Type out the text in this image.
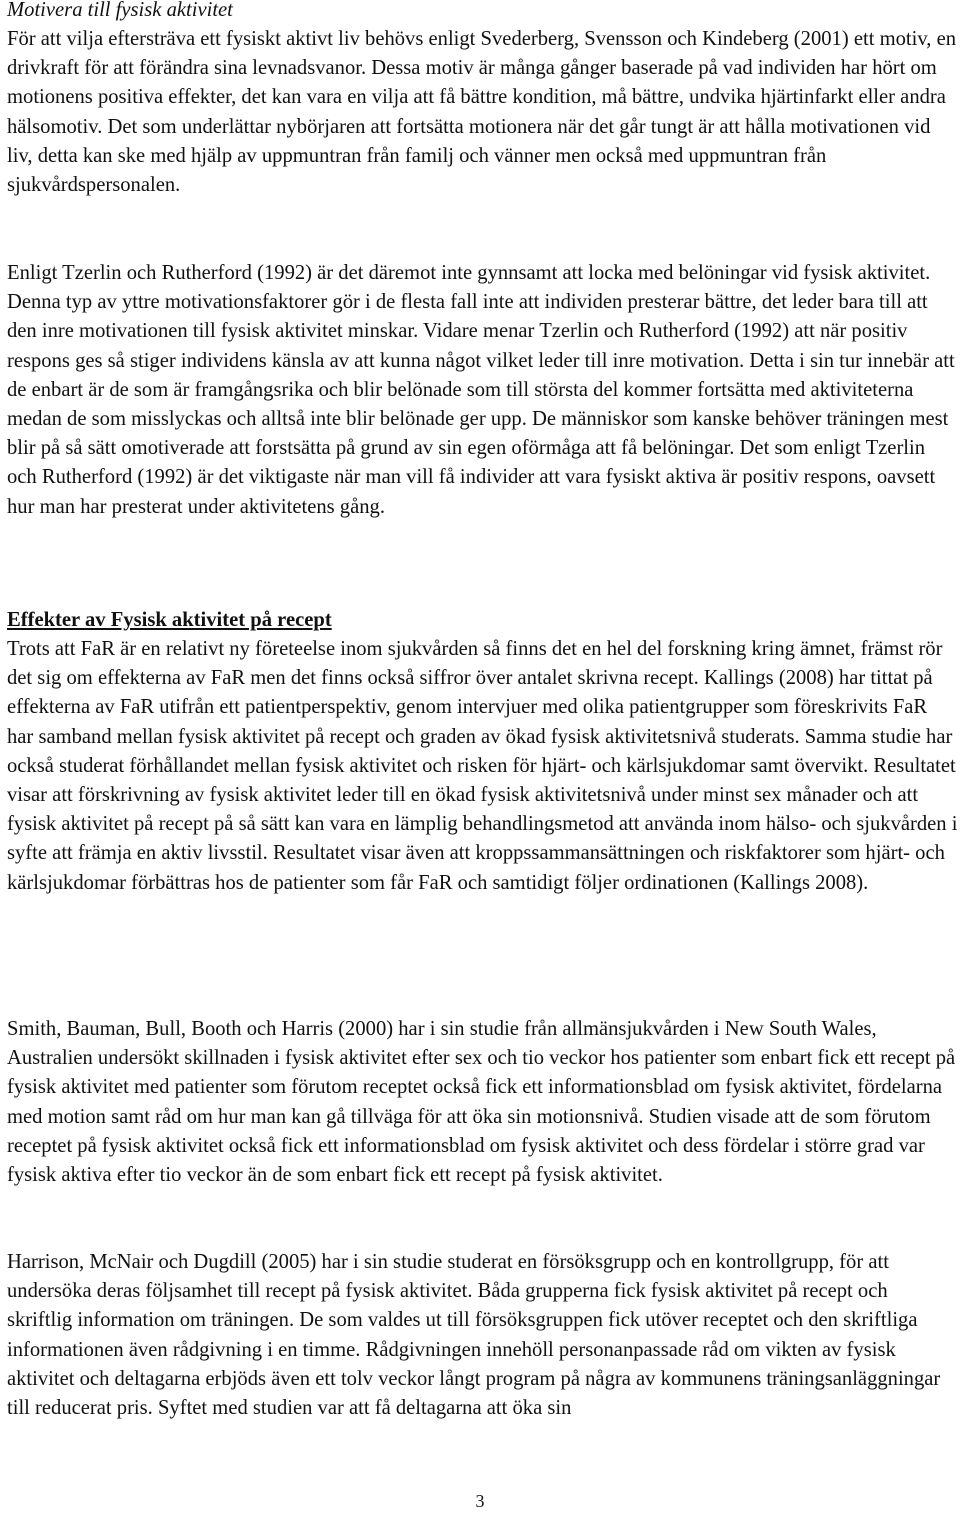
Motivera till fysisk aktivitet

För att vilja eftersträva ett fysiskt aktivt liv behövs enligt Svederberg, Svensson och Kindeberg (2001) ett motiv, en drivkraft för att förändra sina levnadsvanor. Dessa motiv är många gånger baserade på vad individen har hört om motionens positiva effekter, det kan vara en vilja att få bättre kondition, må bättre, undvika hjärtinfarkt eller andra hälsomotiv. Det som underlättar nybörjaren att fortsätta motionera när det går tungt är att hålla motivationen vid liv, detta kan ske med hjälp av uppmuntran från familj och vänner men också med uppmuntran från sjukvårdspersonalen.

Enligt Tzerlin och Rutherford (1992) är det däremot inte gynnsamt att locka med belöningar vid fysisk aktivitet. Denna typ av yttre motivationsfaktorer gör i de flesta fall inte att individen presterar bättre, det leder bara till att den inre motivationen till fysisk aktivitet minskar. Vidare menar Tzerlin och Rutherford (1992) att när positiv respons ges så stiger individens känsla av att kunna något vilket leder till inre motivation. Detta i sin tur innebär att de enbart är de som är framgångsrika och blir belönade som till största del kommer fortsätta med aktiviteterna medan de som misslyckas och alltså inte blir belönade ger upp. De människor som kanske behöver träningen mest blir på så sätt omotiverade att forstsätta på grund av sin egen oförmåga att få belöningar. Det som enligt Tzerlin och Rutherford (1992) är det viktigaste när man vill få individer att vara fysiskt aktiva är positiv respons, oavsett hur man har presterat under aktivitetens gång.

Effekter av Fysisk aktivitet på recept

Trots att FaR är en relativt ny företeelse inom sjukvården så finns det en hel del forskning kring ämnet, främst rör det sig om effekterna av FaR men det finns också siffror över antalet skrivna recept. Kallings (2008) har tittat på effekterna av FaR utifrån ett patientperspektiv, genom intervjuer med olika patientgrupper som föreskrivits FaR har samband mellan fysisk aktivitet på recept och graden av ökad fysisk aktivitetsnivå studerats. Samma studie har också studerat förhållandet mellan fysisk aktivitet och risken för hjärt- och kärlsjukdomar samt övervikt. Resultatet visar att förskrivning av fysisk aktivitet leder till en ökad fysisk aktivitetsnivå under minst sex månader och att fysisk aktivitet på recept på så sätt kan vara en lämplig behandlingsmetod att använda inom hälso- och sjukvården i syfte att främja en aktiv livsstil. Resultatet visar även att kroppssammansättningen och riskfaktorer som hjärt- och kärlsjukdomar förbättras hos de patienter som får FaR och samtidigt följer ordinationen (Kallings 2008).

Smith, Bauman, Bull, Booth och Harris (2000) har i sin studie från allmänsjukvården i New South Wales, Australien undersökt skillnaden i fysisk aktivitet efter sex och tio veckor hos patienter som enbart fick ett recept på fysisk aktivitet med patienter som förutom receptet också fick ett informationsblad om fysisk aktivitet, fördelarna med motion samt råd om hur man kan gå tillväga för att öka sin motionsnivå. Studien visade att de som förutom receptet på fysisk aktivitet också fick ett informationsblad om fysisk aktivitet och dess fördelar i större grad var fysisk aktiva efter tio veckor än de som enbart fick ett recept på fysisk aktivitet.

Harrison, McNair och Dugdill (2005) har i sin studie studerat en försöksgrupp och en kontrollgrupp, för att undersöka deras följsamhet till recept på fysisk aktivitet. Båda grupperna fick fysisk aktivitet på recept och skriftlig information om träningen. De som valdes ut till försöksgruppen fick utöver receptet och den skriftliga informationen även rådgivning i en timme. Rådgivningen innehöll personanpassade råd om vikten av fysisk aktivitet och deltagarna erbjöds även ett tolv veckor långt program på några av kommunens träningsanläggningar till reducerat pris. Syftet med studien var att få deltagarna att öka sin

3
